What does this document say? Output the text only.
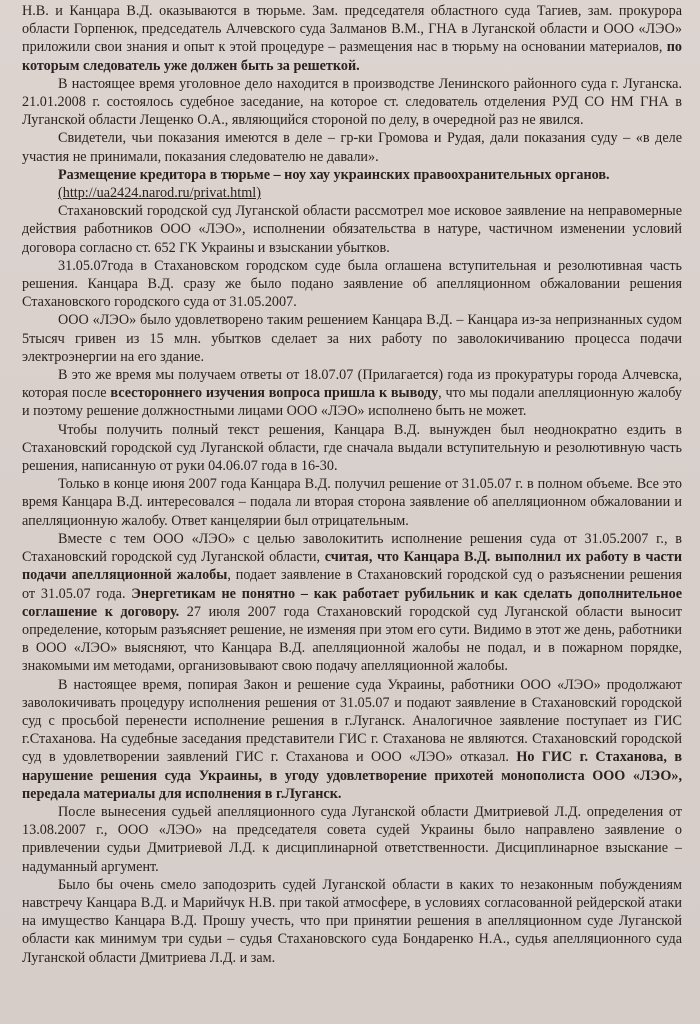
Н.В. и Канцара В.Д. оказываются в тюрьме. Зам. председателя областного суда Тагиев, зам. прокурора области Горпенюк, председатель Алчевского суда Залманов В.М., ГНА в Луганской области и ООО «ЛЭО» приложили свои знания и опыт к этой процедуре – размещения нас в тюрьму на основании материалов, по которым следователь уже должен быть за решеткой.

В настоящее время уголовное дело находится в производстве Ленинского районного суда г. Луганска. 21.01.2008 г. состоялось судебное заседание, на которое ст. следователь отделения РУД СО НМ ГНА в Луганской области Лещенко О.А., являющийся стороной по делу, в очередной раз не явился.

Свидетели, чьи показания имеются в деле – гр-ки Громова и Рудая, дали показания суду – «в деле участия не принимали, показания следователю не давали».

Размещение кредитора в тюрьме – ноу хау украинских правоохранительных органов.

(http://ua2424.narod.ru/privat.html)

Стахановский городской суд Луганской области рассмотрел мое исковое заявление на неправомерные действия работников ООО «ЛЭО», исполнении обязательства в натуре, частичном изменении условий договора согласно ст. 652 ГК Украины и взыскании убытков.

31.05.07года в Стахановском городском суде была оглашена вступительная и резолютивная часть решения. Канцара В.Д. сразу же было подано заявление об апелляционном обжаловании решения Стахановского городского суда от 31.05.2007.

ООО «ЛЭО» было удовлетворено таким решением Канцара В.Д. – Канцара из-за непризнанных судом 5тысяч гривен из 15 млн. убытков сделает за них работу по заволокичиванию процесса подачи электроэнергии на его здание.

В это же время мы получаем ответы от 18.07.07 (Прилагается) года из прокуратуры города Алчевска, которая после всестороннего изучения вопроса пришла к выводу, что мы подали апелляционную жалобу и поэтому решение должностными лицами ООО «ЛЭО» исполнено быть не может.

Чтобы получить полный текст решения, Канцара В.Д. вынужден был неоднократно ездить в Стахановский городской суд Луганской области, где сначала выдали вступительную и резолютивную часть решения, написанную от руки 04.06.07 года в 16-30.

Только в конце июня 2007 года Канцара В.Д. получил решение от 31.05.07 г. в полном объеме. Все это время Канцара В.Д. интересовался – подала ли вторая сторона заявление об апелляционном обжаловании и апелляционную жалобу. Ответ канцелярии был отрицательным.

Вместе с тем ООО «ЛЭО» с целью заволокитить исполнение решения суда от 31.05.2007 г., в Стахановский городской суд Луганской области, считая, что Канцара В.Д. выполнил их работу в части подачи апелляционной жалобы, подает заявление в Стахановский городской суд о разъяснении решения от 31.05.07 года. Энергетикам не понятно – как работает рубильник и как сделать дополнительное соглашение к договору. 27 июля 2007 года Стахановский городской суд Луганской области выносит определение, которым разъясняет решение, не изменяя при этом его сути. Видимо в этот же день, работники в ООО «ЛЭО» выясняют, что Канцара В.Д. апелляционной жалобы не подал, и в пожарном порядке, знакомыми им методами, организовывают свою подачу апелляционной жалобы.

В настоящее время, попирая Закон и решение суда Украины, работники ООО «ЛЭО» продолжают заволокичивать процедуру исполнения решения от 31.05.07 и подают заявление в Стахановский городской суд с просьбой перенести исполнение решения в г.Луганск. Аналогичное заявление поступает из ГИС г.Стаханова. На судебные заседания представители ГИС г. Стаханова не являются. Стахановский городской суд в удовлетворении заявлений ГИС г. Стаханова и ООО «ЛЭО» отказал. Но ГИС г. Стаханова, в нарушение решения суда Украины, в угоду удовлетворение прихотей монополиста ООО «ЛЭО», передала материалы для исполнения в г.Луганск.

После вынесения судьей апелляционного суда Луганской области Дмитриевой Л.Д. определения от 13.08.2007 г., ООО «ЛЭО» на председателя совета судей Украины было направлено заявление о привлечении судьи Дмитриевой Л.Д. к дисциплинарной ответственности. Дисциплинарное взыскание – надуманный аргумент.

Было бы очень смело заподозрить судей Луганской области в каких то незаконным побуждениям навстречу Канцара В.Д. и Марийчук Н.В. при такой атмосфере, в условиях согласованной рейдерской атаки на имущество Канцара В.Д. Прошу учесть, что при принятии решения в апелляционном суде Луганской области как минимум три судьи – судья Стахановского суда Бондаренко Н.А., судья апелляционного суда Луганской области Дмитриева Л.Д. и зам.
